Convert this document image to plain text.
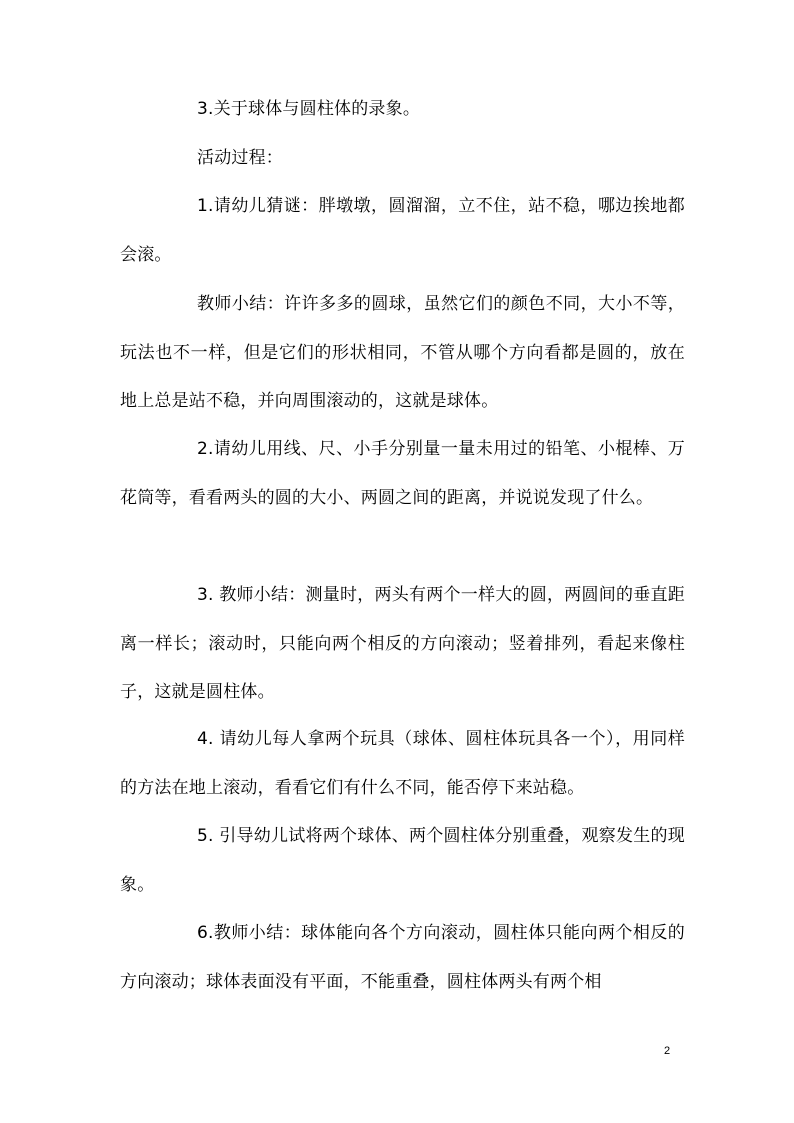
3.关于球体与圆柱体的录象。

活动过程：

1.请幼儿猜谜：胖墩墩，圆溜溜，立不住，站不稳，哪边挨地都会滚。

教师小结：许许多多的圆球，虽然它们的颜色不同，大小不等，玩法也不一样，但是它们的形状相同，不管从哪个方向看都是圆的，放在地上总是站不稳，并向周围滚动的，这就是球体。

2.请幼儿用线、尺、小手分别量一量未用过的铅笔、小棍棒、万花筒等，看看两头的圆的大小、两圆之间的距离，并说说发现了什么。

3. 教师小结：测量时，两头有两个一样大的圆，两圆间的垂直距离一样长；滚动时，只能向两个相反的方向滚动；竖着排列，看起来像柱子，这就是圆柱体。

4. 请幼儿每人拿两个玩具（球体、圆柱体玩具各一个），用同样的方法在地上滚动，看看它们有什么不同，能否停下来站稳。

5. 引导幼儿试将两个球体、两个圆柱体分别重叠，观察发生的现象。

6.教师小结：球体能向各个方向滚动，圆柱体只能向两个相反的方向滚动；球体表面没有平面，不能重叠，圆柱体两头有两个相

2
